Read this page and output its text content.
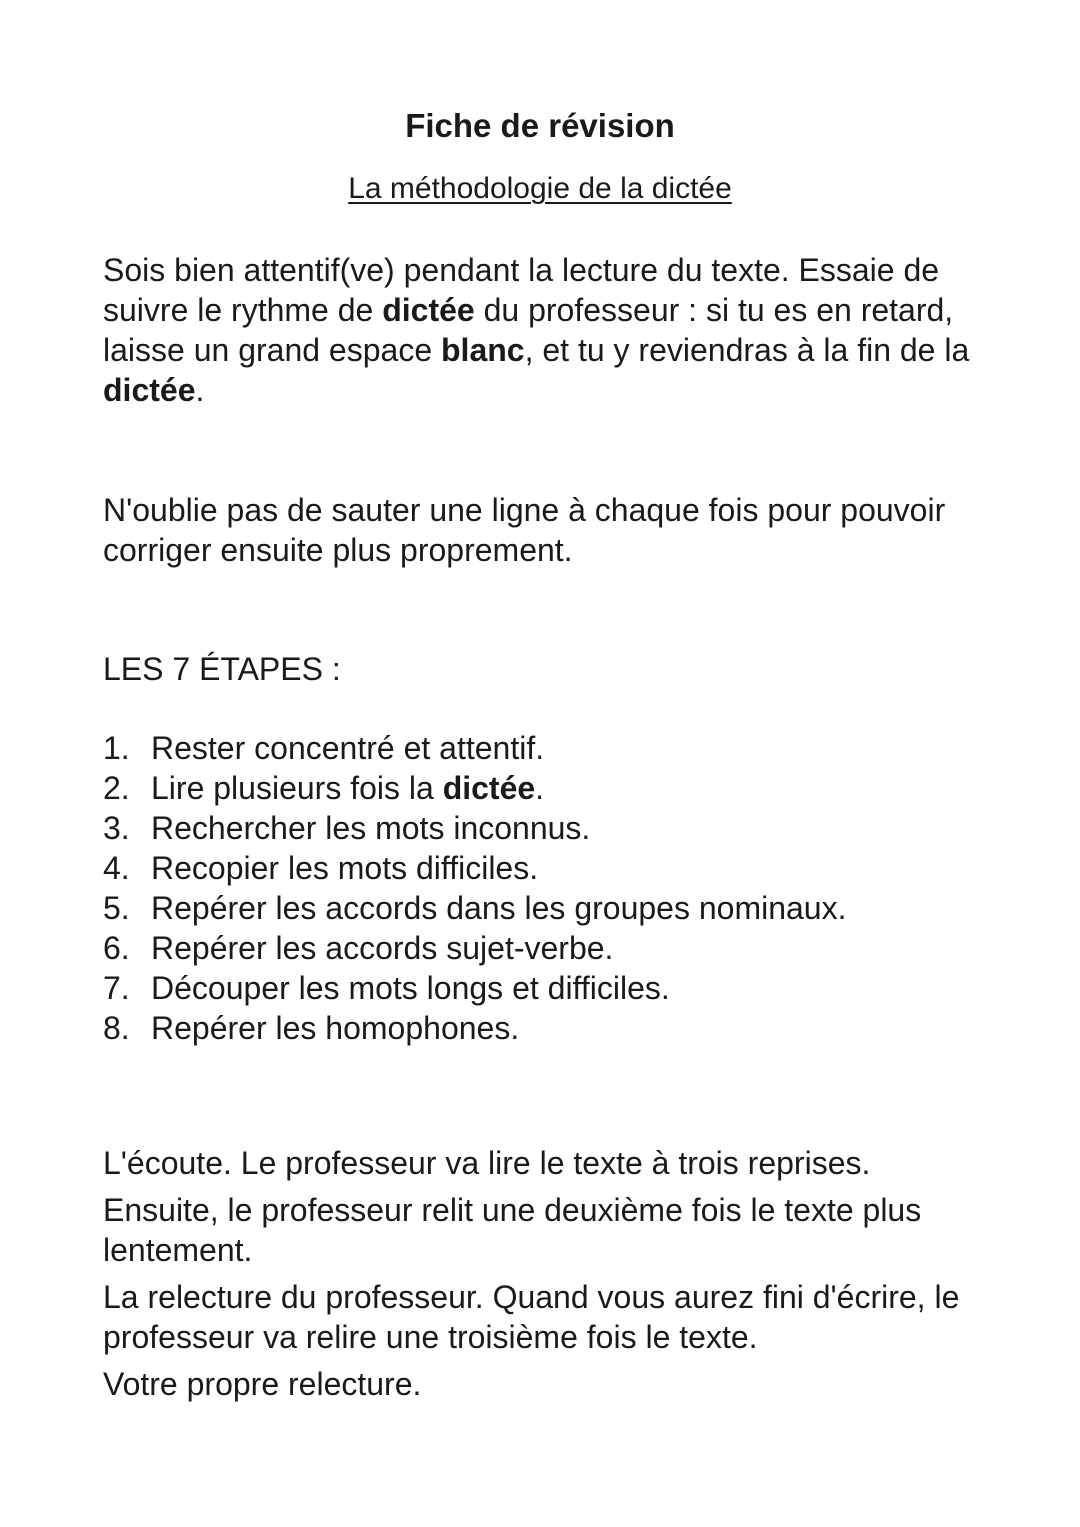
Fiche de révision

La méthodologie de la dictée

Sois bien attentif(ve) pendant la lecture du texte. Essaie de suivre le rythme de dictée du professeur : si tu es en retard, laisse un grand espace blanc, et tu y reviendras à la fin de la dictée.

N'oublie pas de sauter une ligne à chaque fois pour pouvoir corriger ensuite plus proprement.

LES 7 ÉTAPES :

1. Rester concentré et attentif.
2. Lire plusieurs fois la dictée.
3. Rechercher les mots inconnus.
4. Recopier les mots difficiles.
5. Repérer les accords dans les groupes nominaux.
6. Repérer les accords sujet-verbe.
7. Découper les mots longs et difficiles.
8. Repérer les homophones.

L'écoute. Le professeur va lire le texte à trois reprises.

Ensuite, le professeur relit une deuxième fois le texte plus lentement.

La relecture du professeur. Quand vous aurez fini d'écrire, le professeur va relire une troisième fois le texte.

Votre propre relecture.
